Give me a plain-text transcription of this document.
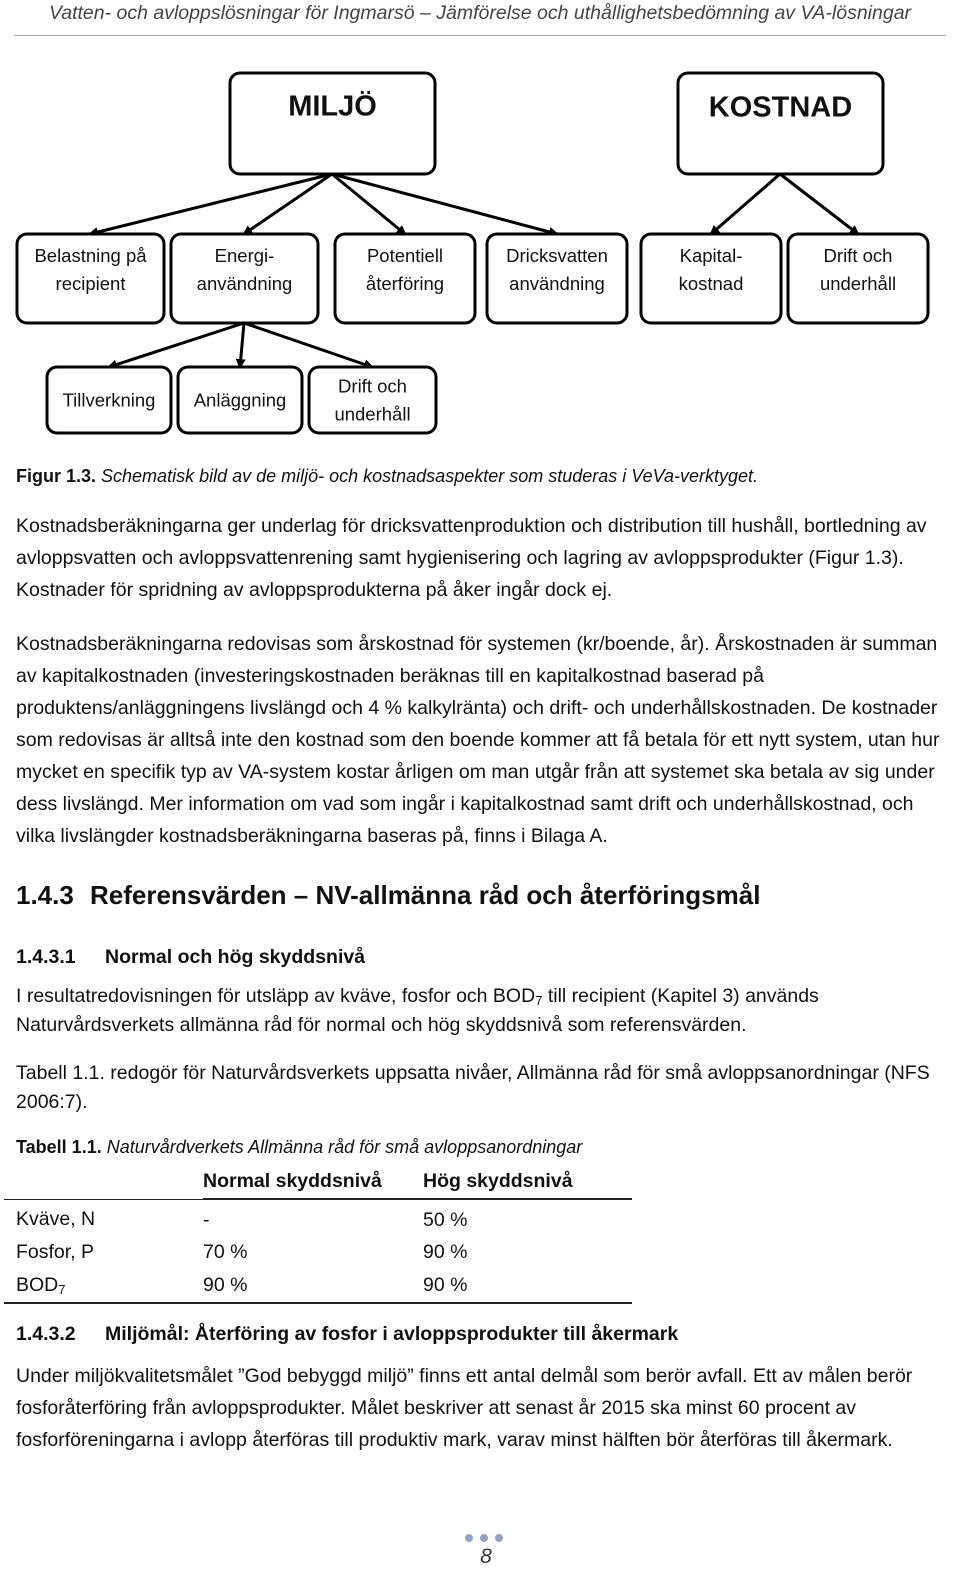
Vatten- och avloppslösningar för Ingmarsö – Jämförelse och uthållighetsbedömning av VA-lösningar
MILJÖ	KOSTNAD
Belastning på
recipient
Energi-
användning
Potentiell
återföring
Dricksvatten
användning
Kapital-
kostnad
Drift och
underhåll
Tillverkning Anläggning
Drift och
underhåll
Figur 1.3. Schematisk bild av de miljö- och kostnadsaspekter som studeras i VeVa-verktyget.
Kostnadsberäkningarna ger underlag för dricksvattenproduktion och distribution till hushåll, bortledning av avloppsvatten och avloppsvattenrening samt hygienisering och lagring av avloppsprodukter (Figur 1.3). Kostnader för spridning av avloppsprodukterna på åker ingår dock ej.
Kostnadsberäkningarna redovisas som årskostnad för systemen (kr/boende, år). Årskostnaden är summan av kapitalkostnaden (investeringskostnaden beräknas till en kapitalkostnad baserad på produktens/anläggningens livslängd och 4 % kalkylränta) och drift- och underhållskostnaden. De kostnader som redovisas är alltså inte den kostnad som den boende kommer att få betala för ett nytt system, utan hur mycket en specifik typ av VA-system kostar årligen om man utgår från att systemet ska betala av sig under dess livslängd. Mer information om vad som ingår i kapitalkostnad samt drift och underhållskostnad, och vilka livslängder kostnadsberäkningarna baseras på, finns i Bilaga A.
1.4.3 Referensvärden – NV-allmänna råd och återföringsmål
1.4.3.1 Normal och hög skyddsnivå
I resultatredovisningen för utsläpp av kväve, fosfor och $BOD_7$ till recipient (Kapitel 3) används Naturvårdsverkets allmänna råd för normal och hög skyddsnivå som referensvärden.
Tabell 1.1. redogör för Naturvårdsverkets uppsatta nivåer, Allmänna råd för små avloppsanordningar (NFS 2006:7).
Tabell 1.1. Naturvårdverkets Allmänna råd för små avloppsanordningar
	Normal skyddsnivå	Hög skyddsnivå
Kväve, N	-	50 %
Fosfor, P	70 %	90 %
$BOD_7$	90 %	90 %
1.4.3.2 Miljömål: Återföring av fosfor i avloppsprodukter till åkermark
Under miljökvalitetsmålet ”God bebyggd miljö” finns ett antal delmål som berör avfall. Ett av målen berör fosforåterföring från avloppsprodukter. Målet beskriver att senast år 2015 ska minst 60 procent av fosforföreningarna i avlopp återföras till produktiv mark, varav minst hälften bör återföras till åkermark.
8
